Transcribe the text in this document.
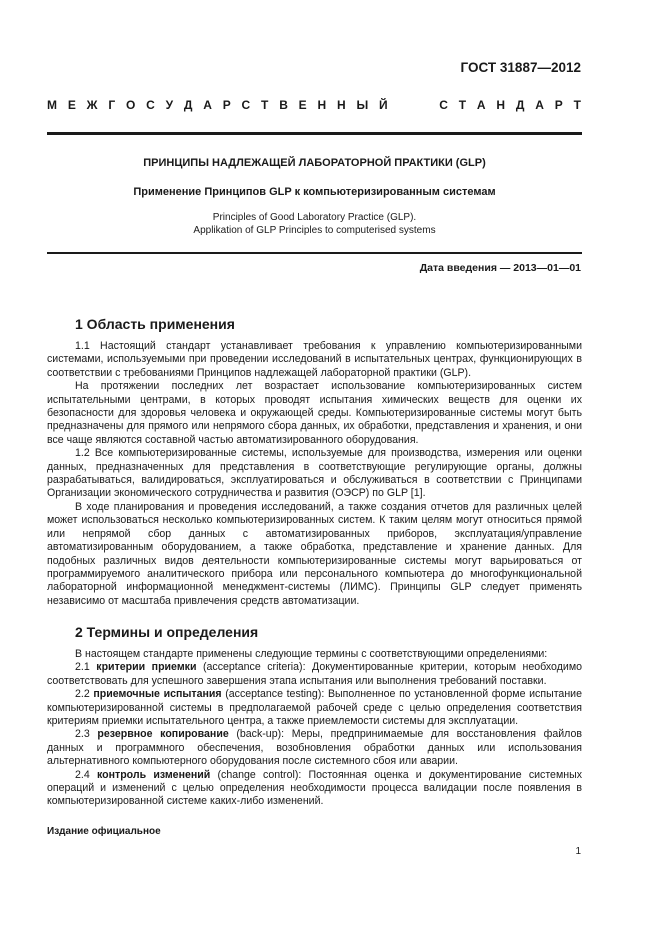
ГОСТ 31887—2012
М Е Ж Г О С У Д А Р С Т В Е Н Н Ы Й	С Т А Н Д А Р Т
ПРИНЦИПЫ НАДЛЕЖАЩЕЙ ЛАБОРАТОРНОЙ ПРАКТИКИ (GLP)
Применение Принципов GLP к компьютеризированным системам
Principles of Good Laboratory Practice (GLP).
Applikation of GLP Principles to computerised systems
Дата введения — 2013—01—01
1 Область применения

1.1 Настоящий стандарт устанавливает требования к управлению компьютеризированными системами, используемыми при проведении исследований в испытательных центрах, функционирующих в соответствии с требованиями Принципов надлежащей лабораторной практики (GLP).

На протяжении последних лет возрастает использование компьютеризированных систем испытательными центрами, в которых проводят испытания химических веществ для оценки их безопасности для здоровья человека и окружающей среды. Компьютеризированные системы могут быть предназначены для прямого или непрямого сбора данных, их обработки, представления и хранения, и они все чаще являются составной частью автоматизированного оборудования.

1.2 Все компьютеризированные системы, используемые для производства, измерения или оценки данных, предназначенных для представления в соответствующие регулирующие органы, должны разрабатываться, валидироваться, эксплуатироваться и обслуживаться в соответствии с Принципами Организации экономического сотрудничества и развития (ОЭСР) по GLP [1].

В ходе планирования и проведения исследований, а также создания отчетов для различных целей может использоваться несколько компьютеризированных систем. К таким целям могут относиться прямой или непрямой сбор данных с автоматизированных приборов, эксплуатация/управление автоматизированным оборудованием, а также обработка, представление и хранение данных. Для подобных различных видов деятельности компьютеризированные системы могут варьироваться от программируемого аналитического прибора или персонального компьютера до многофункциональной лабораторной информационной менеджмент-системы (ЛИМС). Принципы GLP следует применять независимо от масштаба привлечения средств автоматизации.

2 Термины и определения

В настоящем стандарте применены следующие термины с соответствующими определениями:

2.1 критерии приемки (acceptance criteria): Документированные критерии, которым необходимо соответствовать для успешного завершения этапа испытания или выполнения требований поставки.

2.2 приемочные испытания (acceptance testing): Выполненное по установленной форме испытание компьютеризированной системы в предполагаемой рабочей среде с целью определения соответствия критериям приемки испытательного центра, а также приемлемости системы для эксплуатации.

2.3 резервное копирование (back-up): Меры, предпринимаемые для восстановления файлов данных и программного обеспечения, возобновления обработки данных или использования альтернативного компьютерного оборудования после системного сбоя или аварии.

2.4 контроль изменений (change control): Постоянная оценка и документирование системных операций и изменений с целью определения необходимости процесса валидации после появления в компьютеризированной системе каких-либо изменений.

Издание официальное
1
